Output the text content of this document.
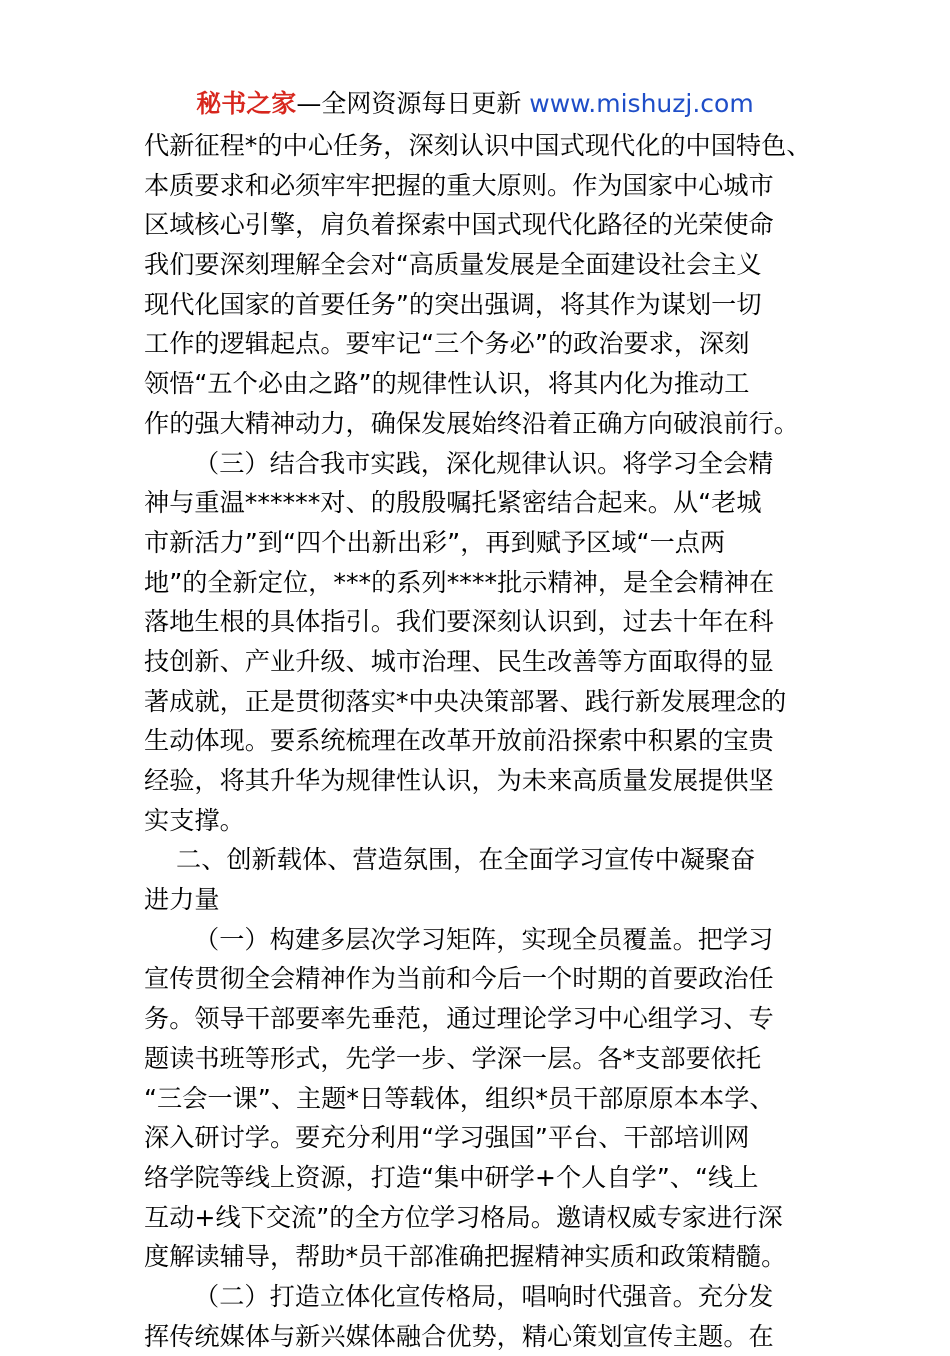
秘书之家—全网资源每日更新 www.mishuzj.com
代新征程*的中心任务，深刻认识中国式现代化的中国特色、
本质要求和必须牢牢把握的重大原则。作为国家中心城市
区域核心引擎，肩负着探索中国式现代化路径的光荣使命
我们要深刻理解全会对“高质量发展是全面建设社会主义
现代化国家的首要任务”的突出强调，将其作为谋划一切
工作的逻辑起点。要牢记“三个务必”的政治要求，深刻
领悟“五个必由之路”的规律性认识，将其内化为推动工
作的强大精神动力，确保发展始终沿着正确方向破浪前行。
（三）结合我市实践，深化规律认识。将学习全会精
神与重温******对、的殷殷嘱托紧密结合起来。从“老城
市新活力”到“四个出新出彩”，再到赋予区域“一点两
地”的全新定位，***的系列****批示精神，是全会精神在
落地生根的具体指引。我们要深刻认识到，过去十年在科
技创新、产业升级、城市治理、民生改善等方面取得的显
著成就，正是贯彻落实*中央决策部署、践行新发展理念的
生动体现。要系统梳理在改革开放前沿探索中积累的宝贵
经验，将其升华为规律性认识，为未来高质量发展提供坚
实支撑。
二、创新载体、营造氛围，在全面学习宣传中凝聚奋
进力量
（一）构建多层次学习矩阵，实现全员覆盖。把学习
宣传贯彻全会精神作为当前和今后一个时期的首要政治任
务。领导干部要率先垂范，通过理论学习中心组学习、专
题读书班等形式，先学一步、学深一层。各*支部要依托
“三会一课”、主题*日等载体，组织*员干部原原本本学、
深入研讨学。要充分利用“学习强国”平台、干部培训网
络学院等线上资源，打造“集中研学+个人自学”、“线上
互动+线下交流”的全方位学习格局。邀请权威专家进行深
度解读辅导，帮助*员干部准确把握精神实质和政策精髓。
（二）打造立体化宣传格局，唱响时代强音。充分发
挥传统媒体与新兴媒体融合优势，精心策划宣传主题。在
